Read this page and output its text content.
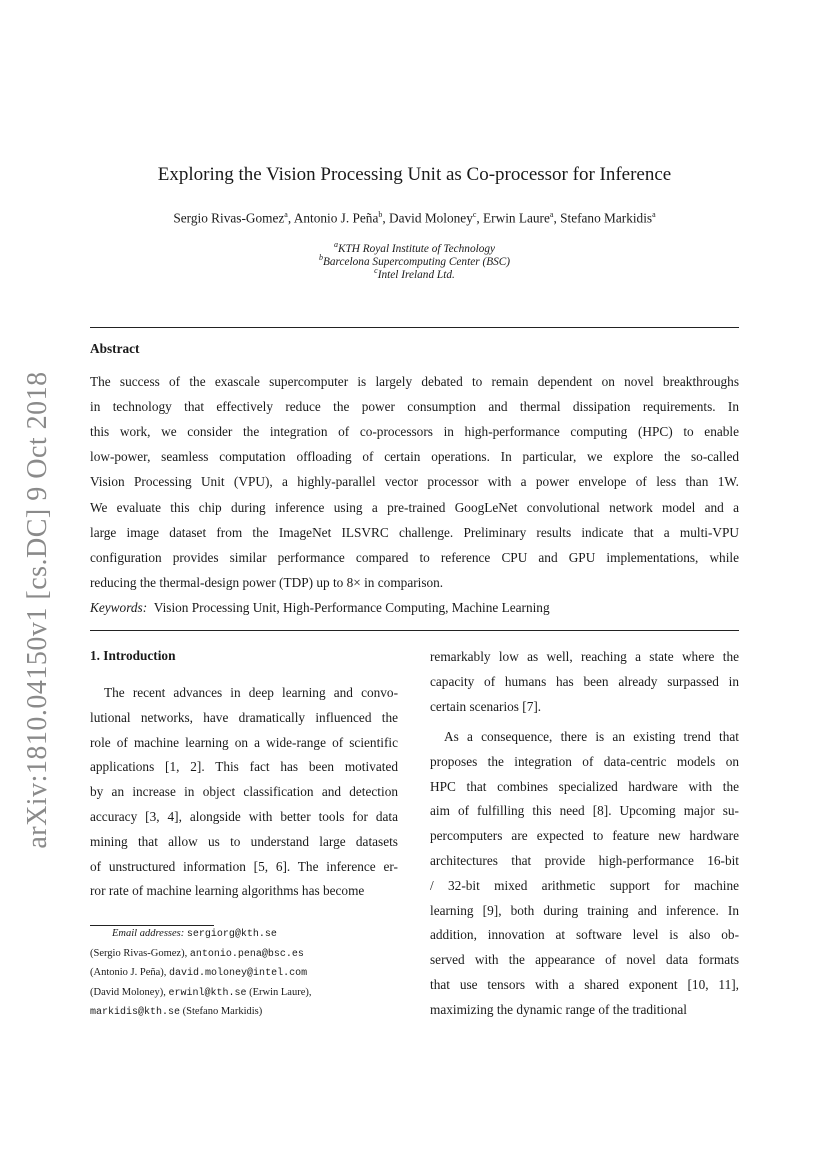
arXiv:1810.04150v1 [cs.DC] 9 Oct 2018
Exploring the Vision Processing Unit as Co-processor for Inference
Sergio Rivas-Gomez$^a$, Antonio J. Peña$^b$, David Moloney$^c$, Erwin Laure$^a$, Stefano Markidis$^a$
$^a$KTH Royal Institute of Technology
$^b$Barcelona Supercomputing Center (BSC)
$^c$Intel Ireland Ltd.
Abstract
The success of the exascale supercomputer is largely debated to remain dependent on novel breakthroughs
in technology that effectively reduce the power consumption and thermal dissipation requirements. In
this work, we consider the integration of co-processors in high-performance computing (HPC) to enable
low-power, seamless computation offloading of certain operations. In particular, we explore the so-called
Vision Processing Unit (VPU), a highly-parallel vector processor with a power envelope of less than 1W.
We evaluate this chip during inference using a pre-trained GoogLeNet convolutional network model and a
large image dataset from the ImageNet ILSVRC challenge. Preliminary results indicate that a multi-VPU
configuration provides similar performance compared to reference CPU and GPU implementations, while
reducing the thermal-design power (TDP) up to 8× in comparison.
Keywords: Vision Processing Unit, High-Performance Computing, Machine Learning
1. Introduction
The recent advances in deep learning and convo-
lutional networks, have dramatically influenced the
role of machine learning on a wide-range of scientific
applications [1, 2]. This fact has been motivated
by an increase in object classification and detection
accuracy [3, 4], alongside with better tools for data
mining that allow us to understand large datasets
of unstructured information [5, 6]. The inference er-
ror rate of machine learning algorithms has become
remarkably low as well, reaching a state where the
capacity of humans has been already surpassed in
certain scenarios [7].
As a consequence, there is an existing trend that
proposes the integration of data-centric models on
HPC that combines specialized hardware with the
aim of fulfilling this need [8]. Upcoming major su-
percomputers are expected to feature new hardware
architectures that provide high-performance 16-bit
/ 32-bit mixed arithmetic support for machine
learning [9], both during training and inference. In
addition, innovation at software level is also ob-
served with the appearance of novel data formats
that use tensors with a shared exponent [10, 11],
maximizing the dynamic range of the traditional
Email addresses: sergiorg@kth.se
(Sergio Rivas-Gomez), antonio.pena@bsc.es
(Antonio J. Peña), david.moloney@intel.com
(David Moloney), erwinl@kth.se (Erwin Laure),
markidis@kth.se (Stefano Markidis)
